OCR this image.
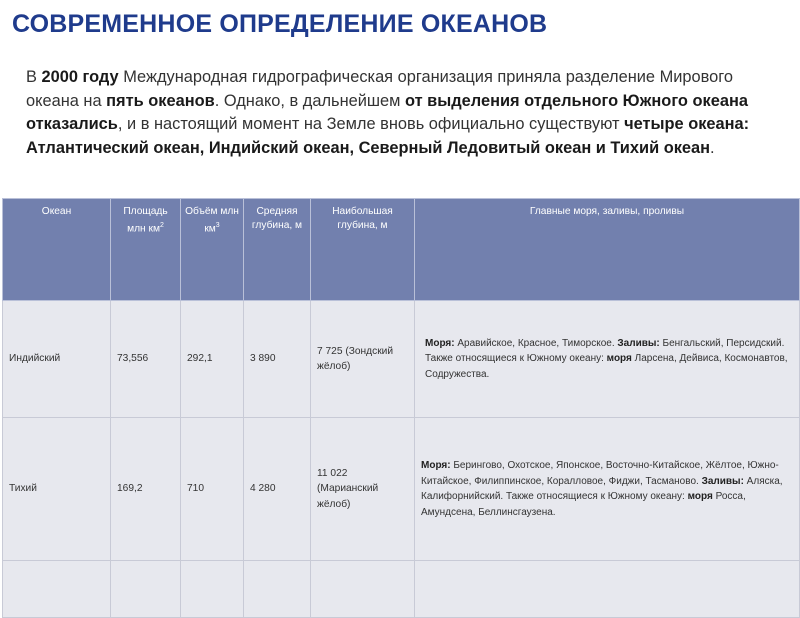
СОВРЕМЕННОЕ ОПРЕДЕЛЕНИЕ ОКЕАНОВ

В 2000 году Международная гидрографическая организация приняла разделение Мирового океана на пять океанов. Однако, в дальнейшем от выделения отдельного Южного океана отказались, и в настоящий момент на Земле вновь официально существуют четыре океана: Атлантический океан, Индийский океан, Северный Ледовитый океан и Тихий океан.

Океан	Площадь млн $км^2$	Объём млн $км^3$	Средняя глубина, м	Наибольшая глубина, м	Главные моря, заливы, проливы
Индийский	73,556	292,1	3 890	7 725 (Зондский жёлоб)	Моря: Аравийское, Красное, Тиморское. Заливы: Бенгальский, Персидский. Также относящиеся к Южному океану: моря Ларсена, Дейвиса, Космонавтов, Содружества.
Тихий	169,2	710	4 280	11 022 (Марианский жёлоб)	Моря: Берингово, Охотское, Японское, Восточно-Китайское, Жёлтое, Южно-Китайское, Филиппинское, Коралловое, Фиджи, Тасманово. Заливы: Аляска, Калифорнийский. Также относящиеся к Южному океану: моря Росса, Амундсена, Беллинсгаузена.
